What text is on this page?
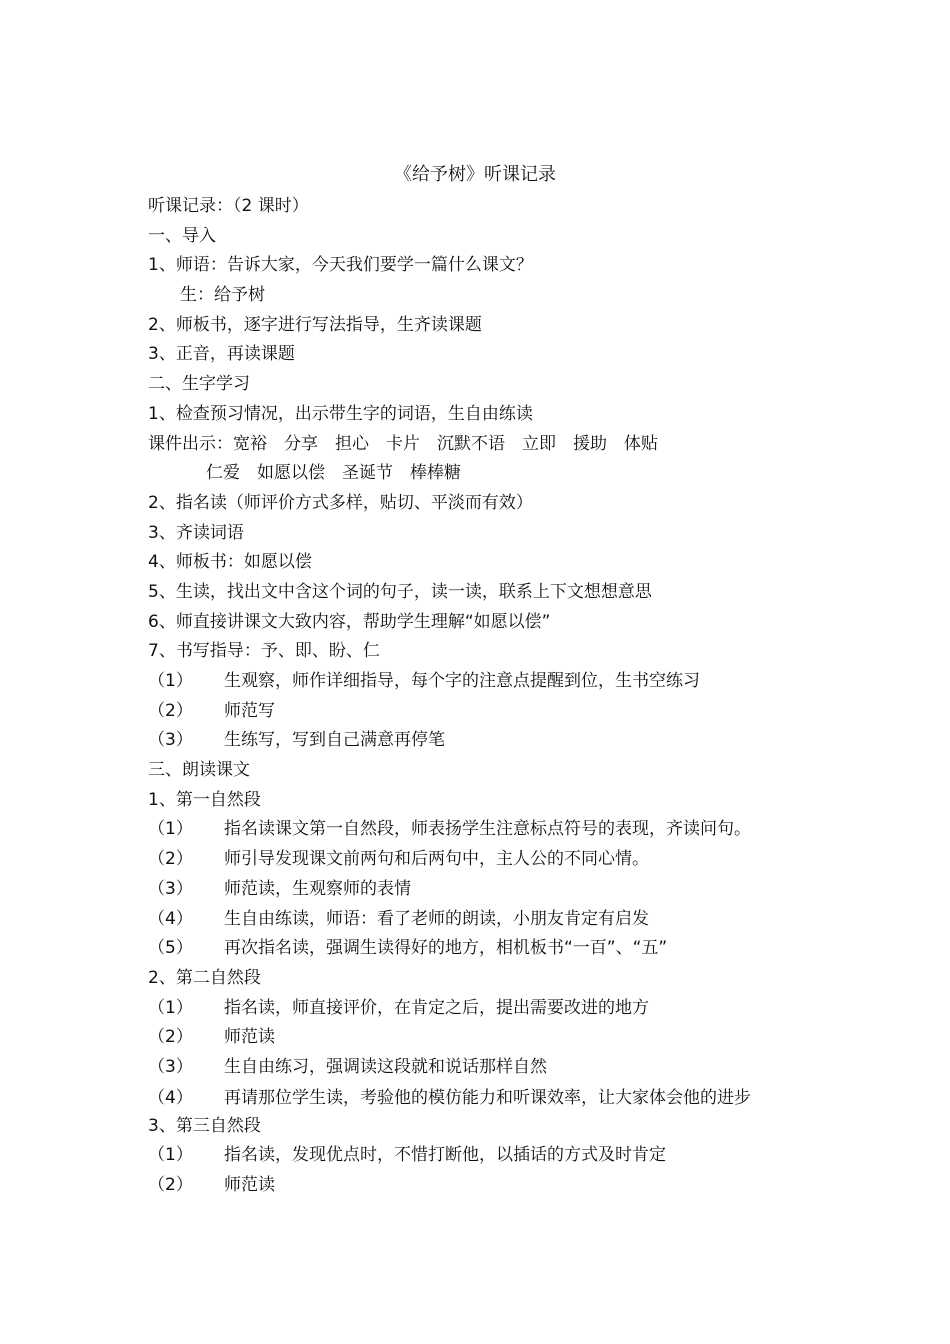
《给予树》听课记录
听课记录：（2 课时）
一、导入
1、师语：告诉大家，今天我们要学一篇什么课文？
生：给予树
2、师板书，逐字进行写法指导，生齐读课题
3、正音，再读课题
二、生字学习
1、检查预习情况，出示带生字的词语，生自由练读
课件出示：宽裕　分享　担心　卡片　沉默不语　立即　援助　体贴
仁爱　如愿以偿　圣诞节　棒棒糖
2、指名读（师评价方式多样，贴切、平淡而有效）
3、齐读词语
4、师板书：如愿以偿
5、生读，找出文中含这个词的句子，读一读，联系上下文想想意思
6、师直接讲课文大致内容，帮助学生理解“如愿以偿”
7、书写指导：予、即、盼、仁
（1） 生观察，师作详细指导，每个字的注意点提醒到位，生书空练习
（2） 师范写
（3） 生练写，写到自己满意再停笔
三、朗读课文
1、第一自然段
（1） 指名读课文第一自然段，师表扬学生注意标点符号的表现，齐读问句。
（2） 师引导发现课文前两句和后两句中，主人公的不同心情。
（3） 师范读，生观察师的表情
（4） 生自由练读，师语：看了老师的朗读，小朋友肯定有启发
（5） 再次指名读，强调生读得好的地方，相机板书“一百”、“五”
2、第二自然段
（1） 指名读，师直接评价，在肯定之后，提出需要改进的地方
（2） 师范读
（3） 生自由练习，强调读这段就和说话那样自然
（4） 再请那位学生读，考验他的模仿能力和听课效率，让大家体会他的进步
3、第三自然段
（1） 指名读，发现优点时，不惜打断他，以插话的方式及时肯定
（2） 师范读
